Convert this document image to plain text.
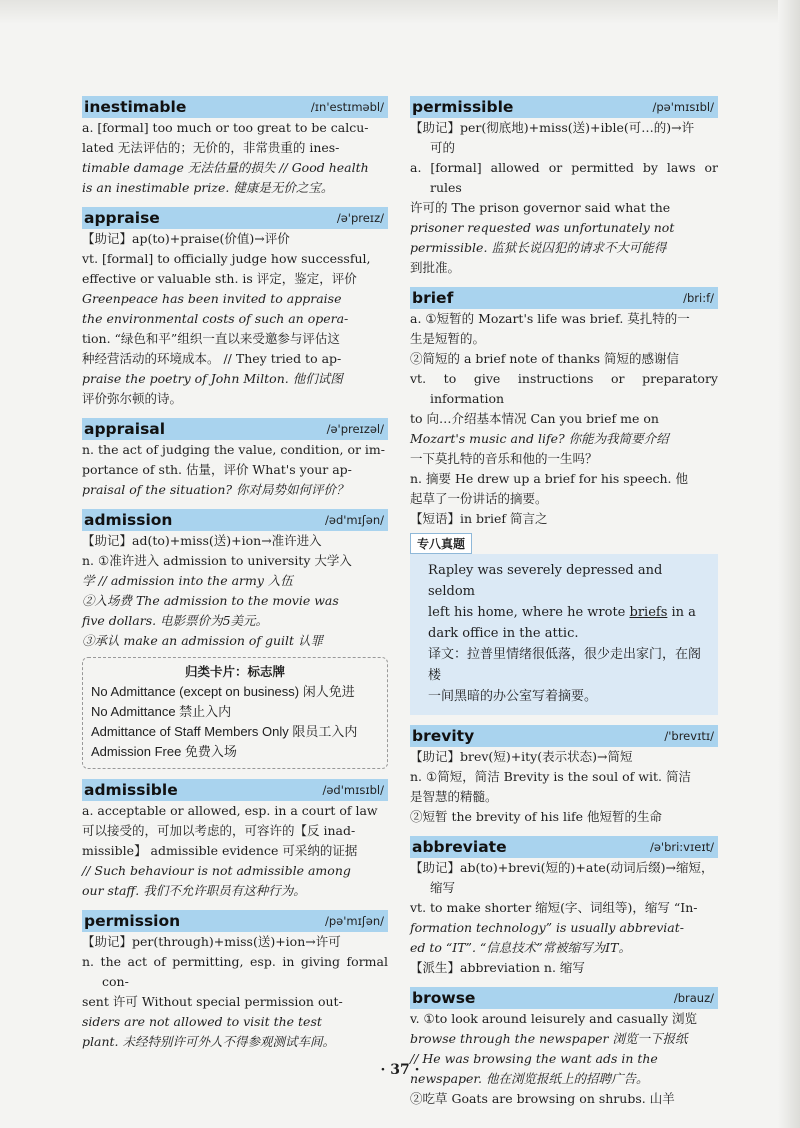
inestimable	/ɪn'estɪməbl/

a. [formal] too much or too great to be calcu-

lated 无法评估的；无价的，非常贵重的 ines-

timable damage 无法估量的损失 // Good health

is an inestimable prize. 健康是无价之宝。

appraise	/ə'preɪz/

【助记】ap(to)+praise(价值)→评价

vt. [formal] to officially judge how successful,

effective or valuable sth. is 评定，鉴定，评价

Greenpeace has been invited to appraise

the environmental costs of such an opera-

tion. “绿色和平”组织一直以来受邀参与评估这

种经营活动的环境成本。 // They tried to ap-

praise the poetry of John Milton. 他们试图

评价弥尔顿的诗。

appraisal	/ə'preɪzəl/

n. the act of judging the value, condition, or im-

portance of sth. 估量，评价 What's your ap-

praisal of the situation? 你对局势如何评价？

admission	/əd'mɪʃən/

【助记】ad(to)+miss(送)+ion→准许进入

n. ①准许进入 admission to university 大学入

学 // admission into the army 入伍

②入场费 The admission to the movie was

five dollars. 电影票价为5美元。

③承认 make an admission of guilt 认罪

归类卡片：标志牌

No Admittance (except on business) 闲人免进

No Admittance 禁止入内

Admittance of Staff Members Only 限员工入内

Admission Free 免费入场

admissible	/əd'mɪsɪbl/

a. acceptable or allowed, esp. in a court of law

可以接受的，可加以考虑的，可容许的【反 inad-

missible】 admissible evidence 可采纳的证据

// Such behaviour is not admissible among

our staff. 我们不允许职员有这种行为。

permission	/pə'mɪʃən/

【助记】per(through)+miss(送)+ion→许可

n. the act of permitting, esp. in giving formal con-

sent 许可 Without special permission out-

siders are not allowed to visit the test

plant. 未经特别许可外人不得参观测试车间。

permissible	/pə'mɪsɪbl/

【助记】per(彻底地)+miss(送)+ible(可…的)→许

可的

a. [formal] allowed or permitted by laws or rules

许可的 The prison governor said what the

prisoner requested was unfortunately not

permissible. 监狱长说囚犯的请求不大可能得

到批准。

brief	/bri:f/

a. ①短暂的 Mozart's life was brief. 莫扎特的一

生是短暂的。

②简短的 a brief note of thanks 简短的感谢信

vt. to give instructions or preparatory information

to 向…介绍基本情况 Can you brief me on

Mozart's music and life? 你能为我简要介绍

一下莫扎特的音乐和他的一生吗？

n. 摘要 He drew up a brief for his speech. 他

起草了一份讲话的摘要。

【短语】in brief 简言之

专八真题

Rapley was severely depressed and seldom

left his home, where he wrote briefs in a

dark office in the attic.

译文：拉普里情绪很低落，很少走出家门，在阁楼

一间黑暗的办公室写着摘要。

brevity	/'brevɪtɪ/

【助记】brev(短)+ity(表示状态)→简短

n. ①简短，简洁 Brevity is the soul of wit. 简洁

是智慧的精髓。

②短暂 the brevity of his life 他短暂的生命

abbreviate	/ə'bri:vɪeɪt/

【助记】ab(to)+brevi(短的)+ate(动词后缀)→缩短，

缩写

vt. to make shorter 缩短(字、词组等)，缩写 “In-

formation technology” is usually abbreviat-

ed to “IT”. “信息技术”常被缩写为IT。

【派生】abbreviation n. 缩写

browse	/brauz/

v. ①to look around leisurely and casually 浏览

browse through the newspaper 浏览一下报纸

// He was browsing the want ads in the

newspaper. 他在浏览报纸上的招聘广告。

②吃草 Goats are browsing on shrubs. 山羊

· 37 ·
